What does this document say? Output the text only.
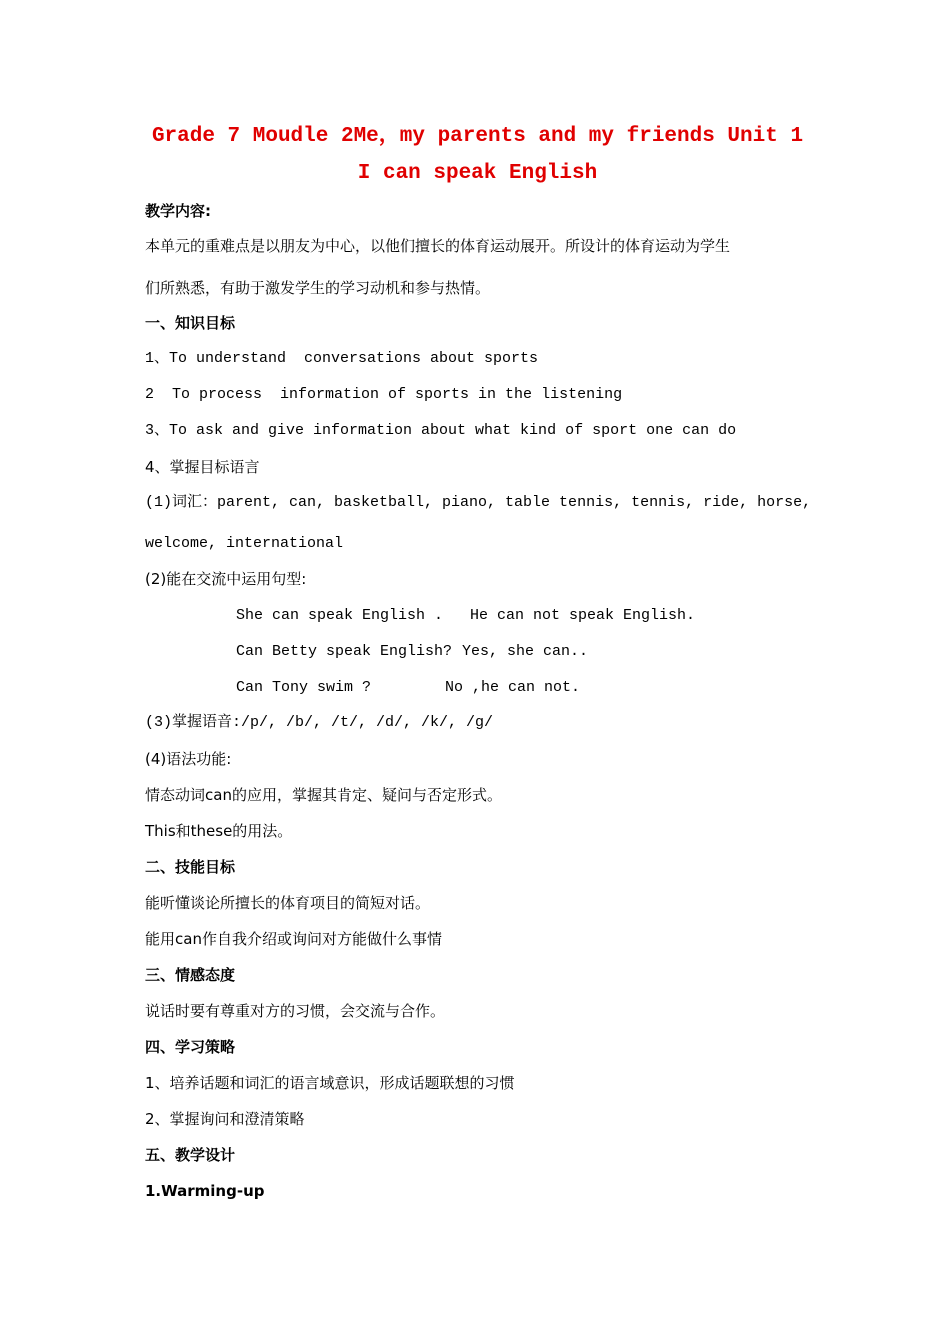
Grade 7 Moudle 2Me，my parents and my friends Unit 1 I can speak English

教学内容:

本单元的重难点是以朋友为中心，以他们擅长的体育运动展开。所设计的体育运动为学生

们所熟悉，有助于激发学生的学习动机和参与热情。

一、知识目标

1、To understand  conversations about sports

2  To process  information of sports in the listening

3、To ask and give information about what kind of sport one can do

4、掌握目标语言

(1)词汇：parent, can, basketball, piano, table tennis, tennis, ride, horse,

welcome, international

(2)能在交流中运用句型:

She can speak English . He can not speak English.

Can Betty speak English? Yes, she can..

Can Tony swim ?	No ,he can not.

(3)掌握语音:/p/, /b/, /t/, /d/, /k/, /g/

(4)语法功能:

情态动词can的应用，掌握其肯定、疑问与否定形式。

This和these的用法。

二、技能目标

能听懂谈论所擅长的体育项目的简短对话。

能用can作自我介绍或询问对方能做什么事情

三、情感态度

说话时要有尊重对方的习惯，会交流与合作。

四、学习策略

1、培养话题和词汇的语言域意识，形成话题联想的习惯

2、掌握询问和澄清策略

五、教学设计

1.Warming-up
